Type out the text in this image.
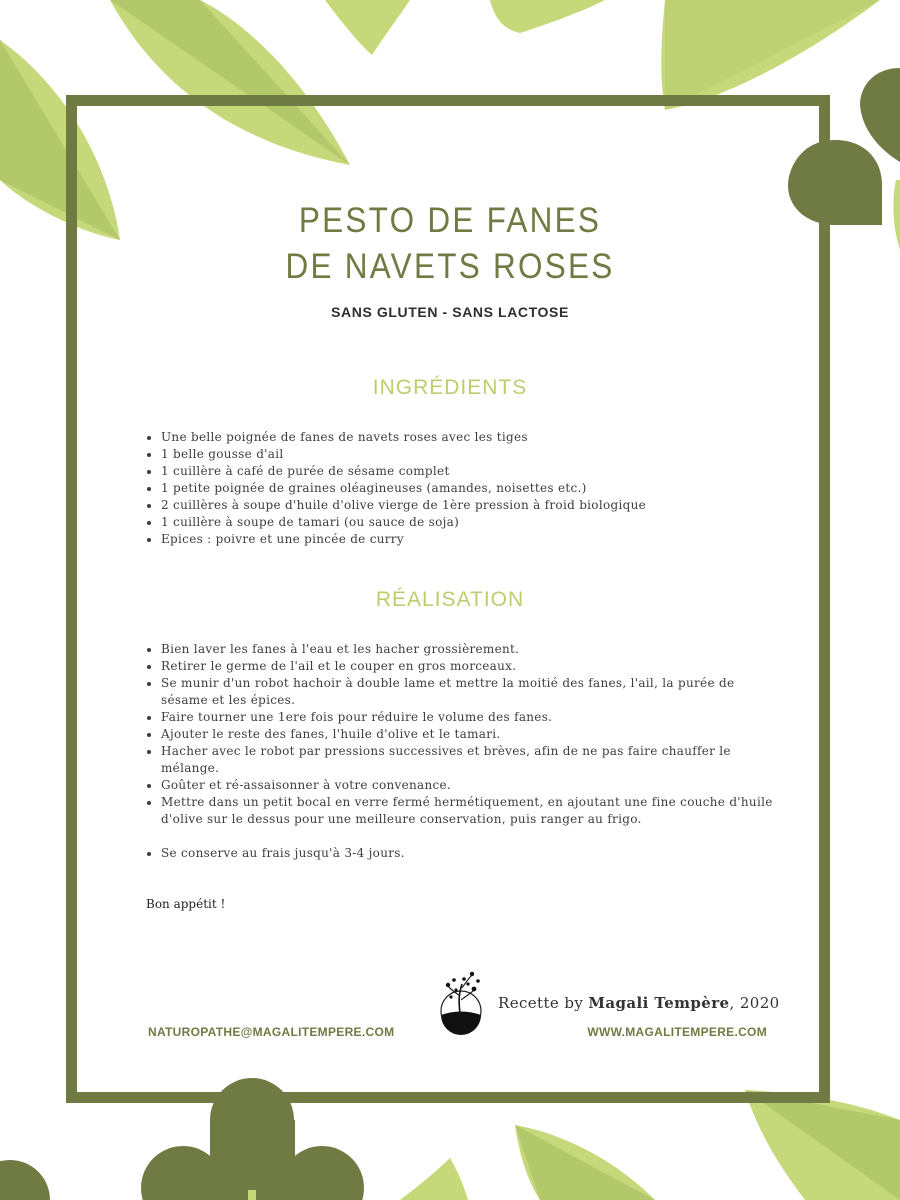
PESTO DE FANES
DE NAVETS ROSES
SANS GLUTEN - SANS LACTOSE
INGRÉDIENTS
• Une belle poignée de fanes de navets roses avec les tiges
• 1 belle gousse d'ail
• 1 cuillère à café de purée de sésame complet
• 1 petite poignée de graines oléagineuses (amandes, noisettes etc.)
• 2 cuillères à soupe d'huile d'olive vierge de 1ère pression à froid biologique
• 1 cuillère à soupe de tamari (ou sauce de soja)
• Epices : poivre et une pincée de curry
RÉALISATION
• Bien laver les fanes à l'eau et les hacher grossièrement.
• Retirer le germe de l'ail et le couper en gros morceaux.
• Se munir d'un robot hachoir à double lame et mettre la moitié des fanes, l'ail, la purée de sésame et les épices.
• Faire tourner une 1ere fois pour réduire le volume des fanes.
• Ajouter le reste des fanes, l'huile d'olive et le tamari.
• Hacher avec le robot par pressions successives et brèves, afin de ne pas faire chauffer le mélange.
• Goûter et ré-assaisonner à votre convenance.
• Mettre dans un petit bocal en verre fermé hermétiquement, en ajoutant une fine couche d'huile d'olive sur le dessus pour une meilleure conservation, puis ranger au frigo.
• Se conserve au frais jusqu'à 3-4 jours.
Bon appétit !
Recette by Magali Tempère, 2020
NATUROPATHE@MAGALITEMPERE.COM	WWW.MAGALITEMPERE.COM
